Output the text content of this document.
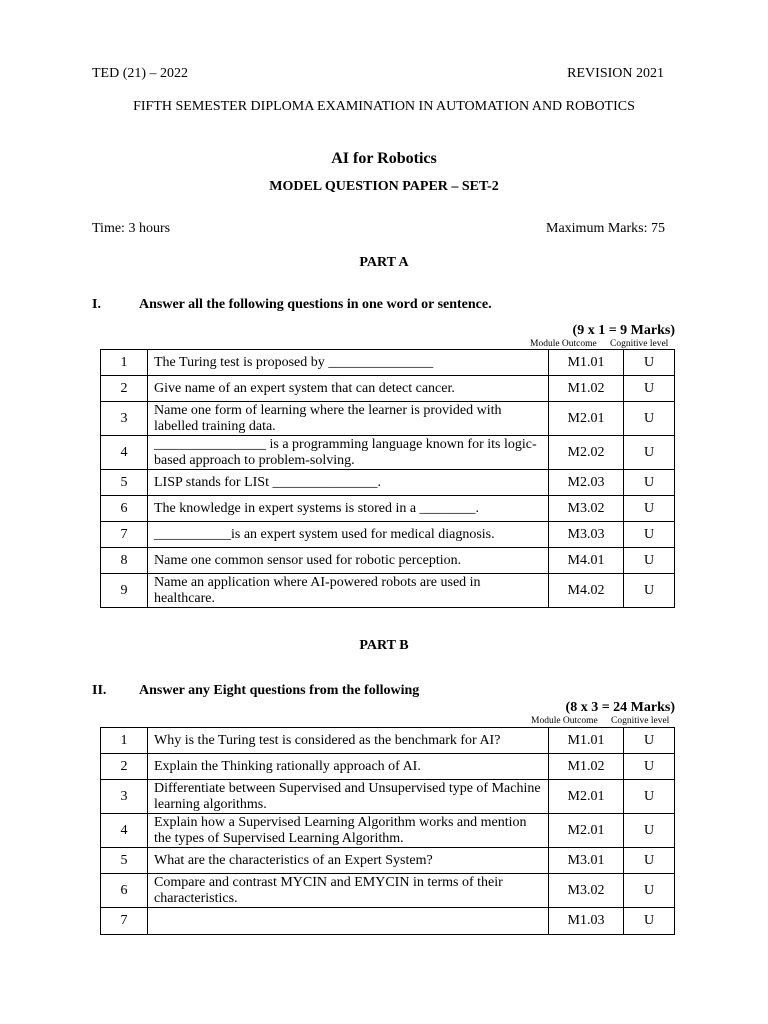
TED (21) – 2022	REVISION 2021
FIFTH SEMESTER DIPLOMA EXAMINATION IN AUTOMATION AND ROBOTICS
AI for Robotics
MODEL QUESTION PAPER – SET-2
Time: 3 hours	Maximum Marks: 75
PART A
I.	Answer all the following questions in one word or sentence.
(9 x 1 = 9 Marks)
Module Outcome Cognitive level
1	The Turing test is proposed by _______________	M1.01	U
2	Give name of an expert system that can detect cancer.	M1.02	U
3	Name one form of learning where the learner is provided with labelled training data.	M2.01	U
4	________________ is a programming language known for its logic-based approach to problem-solving.	M2.02	U
5	LISP stands for LISt _______________.	M2.03	U
6	The knowledge in expert systems is stored in a ________.	M3.02	U
7	___________is an expert system used for medical diagnosis.	M3.03	U
8	Name one common sensor used for robotic perception.	M4.01	U
9	Name an application where AI-powered robots are used in healthcare.	M4.02	U
PART B
II. Answer any Eight questions from the following
(8 x 3 = 24 Marks)
Module Outcome Cognitive level
1	Why is the Turing test is considered as the benchmark for AI?	M1.01	U
2	Explain the Thinking rationally approach of AI.	M1.02	U
3	Differentiate between Supervised and Unsupervised type of Machine learning algorithms.	M2.01	U
4	Explain how a Supervised Learning Algorithm works and mention the types of Supervised Learning Algorithm.	M2.01	U
5	What are the characteristics of an Expert System?	M3.01	U
6	Compare and contrast MYCIN and EMYCIN in terms of their characteristics.	M3.02	U
7		M1.03	U
